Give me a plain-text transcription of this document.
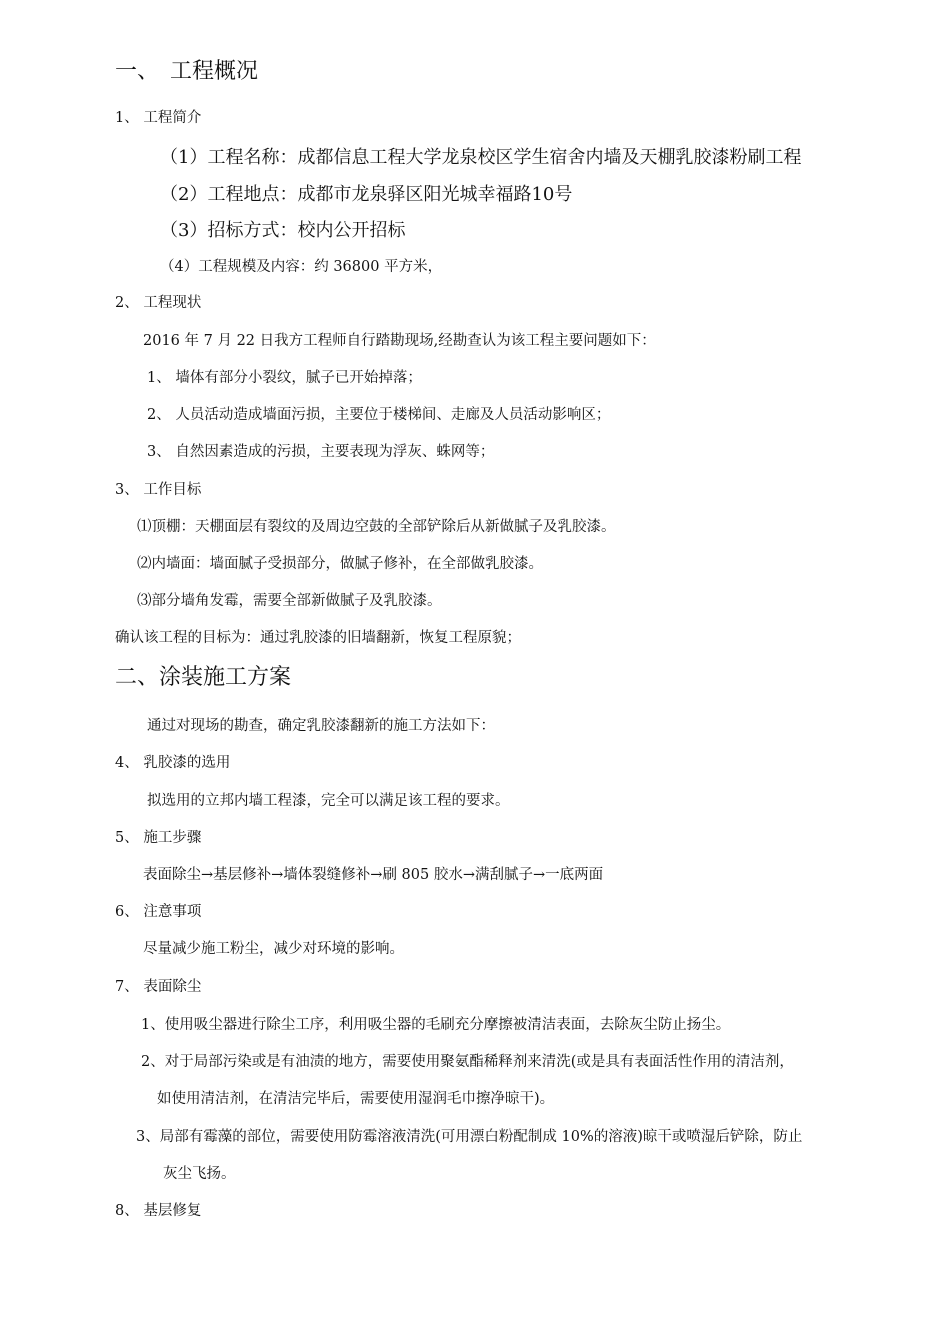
一、　工程概况

1、 工程简介

（1）工程名称：成都信息工程大学龙泉校区学生宿舍内墙及天棚乳胶漆粉刷工程

（2）工程地点：成都市龙泉驿区阳光城幸福路10号

（3）招标方式：校内公开招标

（4）工程规模及内容：约 36800 平方米，

2、 工程现状

2016 年 7 月 22 日我方工程师自行踏勘现场,经勘查认为该工程主要问题如下：

1、 墙体有部分小裂纹，腻子已开始掉落；

2、 人员活动造成墙面污损，主要位于楼梯间、走廊及人员活动影响区；

3、 自然因素造成的污损，主要表现为浮灰、蛛网等；

3、 工作目标

⑴顶棚：天棚面层有裂纹的及周边空鼓的全部铲除后从新做腻子及乳胶漆。

⑵内墙面：墙面腻子受损部分，做腻子修补，在全部做乳胶漆。

⑶部分墙角发霉，需要全部新做腻子及乳胶漆。

确认该工程的目标为：通过乳胶漆的旧墙翻新，恢复工程原貌；

二、涂装施工方案

通过对现场的勘查，确定乳胶漆翻新的施工方法如下：

4、 乳胶漆的选用

拟选用的立邦内墙工程漆，完全可以满足该工程的要求。

5、 施工步骤

表面除尘→基层修补→墙体裂缝修补→刷 805 胶水→满刮腻子→一底两面

6、 注意事项

尽量减少施工粉尘，减少对环境的影响。

7、 表面除尘

1、使用吸尘器进行除尘工序，利用吸尘器的毛刷充分摩擦被清洁表面，去除灰尘防止扬尘。

2、对于局部污染或是有油渍的地方，需要使用聚氨酯稀释剂来清洗(或是具有表面活性作用的清洁剂，

如使用清洁剂，在清洁完毕后，需要使用湿润毛巾擦净晾干)。

3、局部有霉藻的部位，需要使用防霉溶液清洗(可用漂白粉配制成 10%的溶液)晾干或喷湿后铲除，防止

灰尘飞扬。

8、 基层修复
